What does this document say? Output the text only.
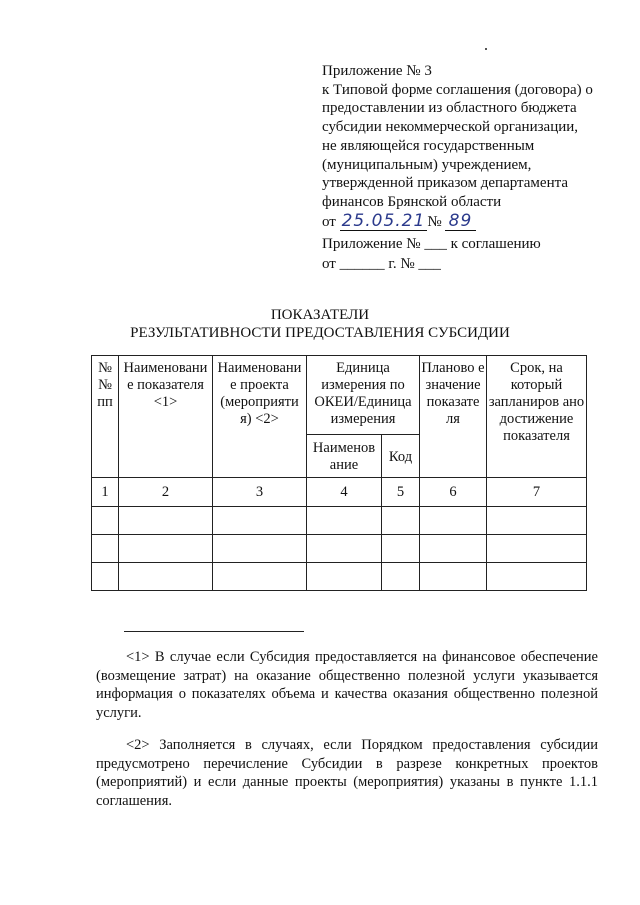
Приложение № 3
к Типовой форме соглашения (договора) о
предоставлении из областного бюджета
субсидии некоммерческой организации,
не являющейся государственным
(муниципальным) учреждением,
утвержденной приказом департамента
финансов Брянской области
от 25.05.21 № 89
Приложение № ___ к соглашению
от ______ г. № ___
ПОКАЗАТЕЛИ
РЕЗУЛЬТАТИВНОСТИ ПРЕДОСТАВЛЕНИЯ СУБСИДИИ
№ № пп	Наименовани е показателя <1>	Наименовани е проекта (мероприяти я) <2>	Единица измерения по ОКЕИ/Единица измерения		Планово е значение показате ля	Срок, на который запланиров ано достижение показателя
			Наименов ание	Код		
1	2	3	4	5	6	7

<1> В случае если Субсидия предоставляется на финансовое обеспечение (возмещение затрат) на оказание общественно полезной услуги указывается информация о показателях объема и качества оказания общественно полезной услуги.
<2> Заполняется в случаях, если Порядком предоставления субсидии предусмотрено перечисление Субсидии в разрезе конкретных проектов (мероприятий) и если данные проекты (мероприятия) указаны в пункте 1.1.1 соглашения.
